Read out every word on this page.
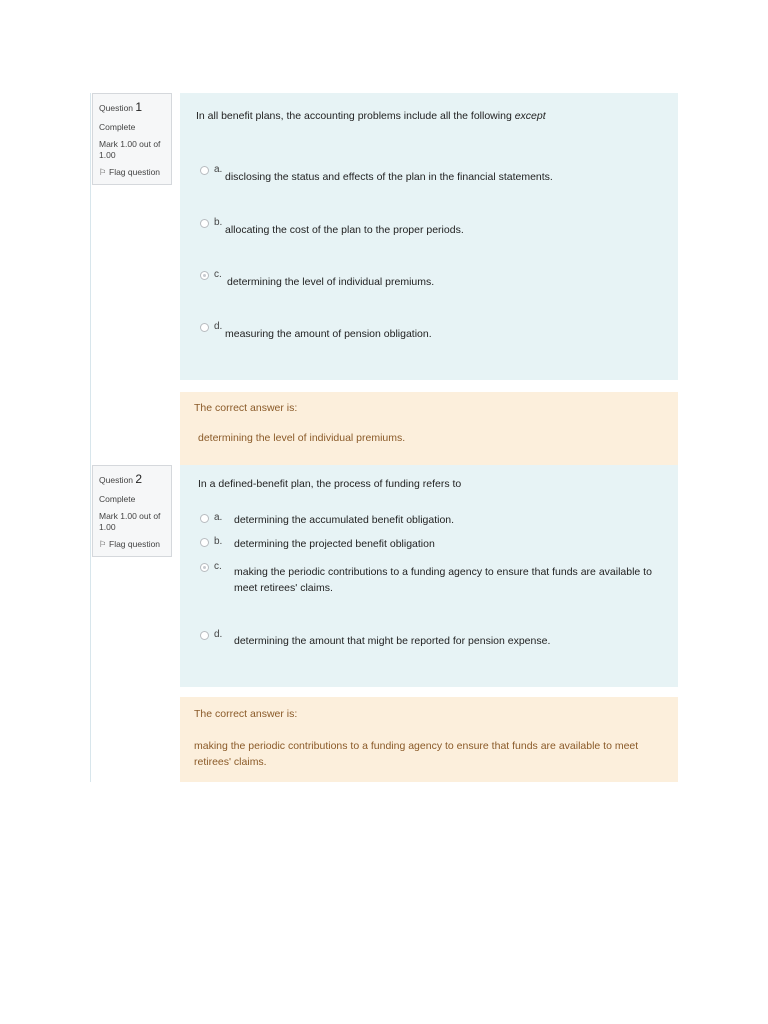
Question 1
Complete
Mark 1.00 out of 1.00
⚐ Flag question
In all benefit plans, the accounting problems include all the following except
a.
disclosing the status and effects of the plan in the financial statements.
b.
allocating the cost of the plan to the proper periods.
c.
determining the level of individual premiums.
d.
measuring the amount of pension obligation.
The correct answer is:
determining the level of individual premiums.
Question 2
Complete
Mark 1.00 out of 1.00
⚐ Flag question
In a defined-benefit plan, the process of funding refers to
a. determining the accumulated benefit obligation.
b. determining the projected benefit obligation
c. making the periodic contributions to a funding agency to ensure that funds are available to meet retirees' claims.
d.
determining the amount that might be reported for pension expense.
The correct answer is:
making the periodic contributions to a funding agency to ensure that funds are available to meet retirees' claims.
